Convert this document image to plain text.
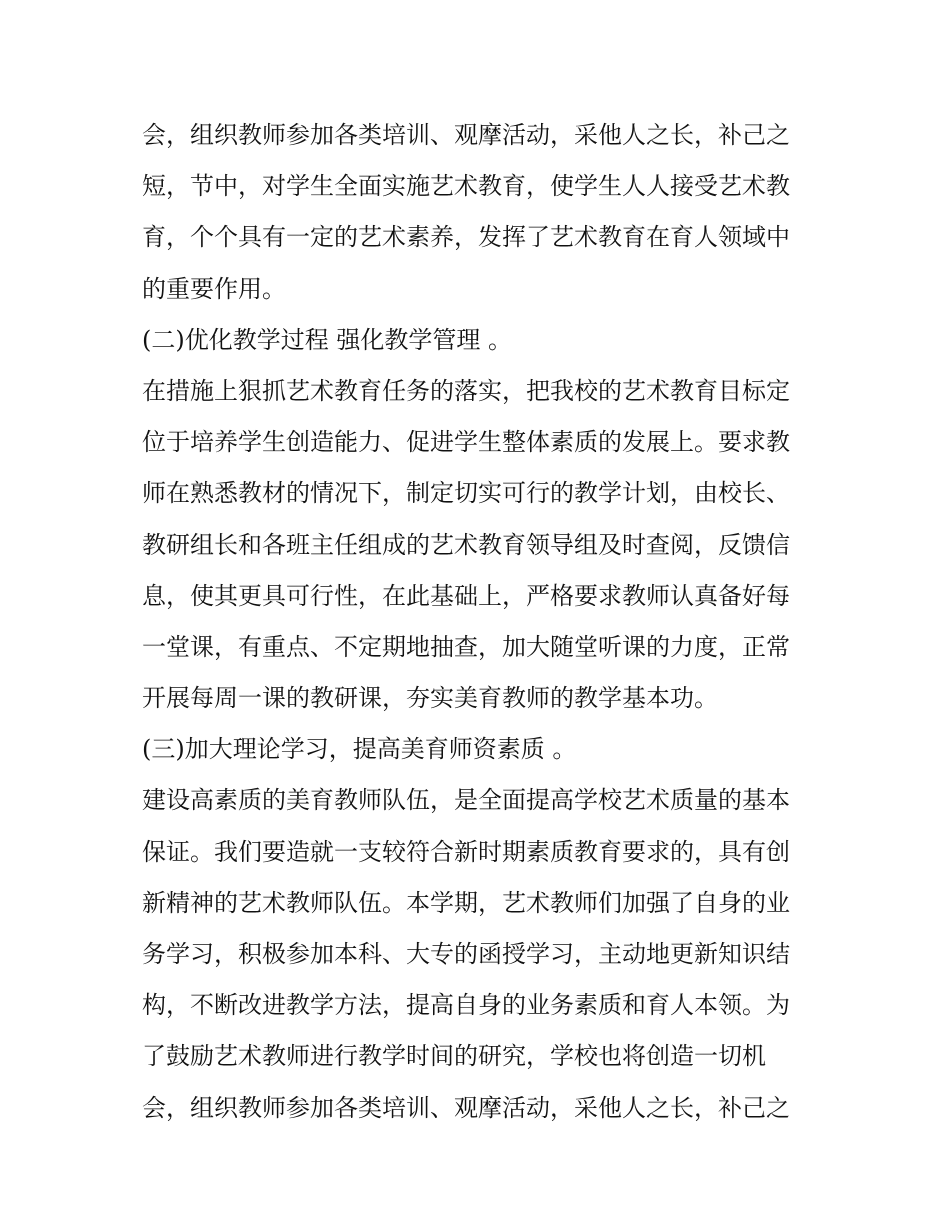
会，组织教师参加各类培训、观摩活动，采他人之长，补己之
短，节中，对学生全面实施艺术教育，使学生人人接受艺术教
育，个个具有一定的艺术素养，发挥了艺术教育在育人领域中
的重要作用。
(二)优化教学过程 强化教学管理 。
在措施上狠抓艺术教育任务的落实，把我校的艺术教育目标定
位于培养学生创造能力、促进学生整体素质的发展上。要求教
师在熟悉教材的情况下，制定切实可行的教学计划，由校长、
教研组长和各班主任组成的艺术教育领导组及时查阅，反馈信
息，使其更具可行性，在此基础上，严格要求教师认真备好每
一堂课，有重点、不定期地抽查，加大随堂听课的力度，正常
开展每周一课的教研课，夯实美育教师的教学基本功。
(三)加大理论学习，提高美育师资素质 。
建设高素质的美育教师队伍，是全面提高学校艺术质量的基本
保证。我们要造就一支较符合新时期素质教育要求的，具有创
新精神的艺术教师队伍。本学期，艺术教师们加强了自身的业
务学习，积极参加本科、大专的函授学习，主动地更新知识结
构，不断改进教学方法，提高自身的业务素质和育人本领。为
了鼓励艺术教师进行教学时间的研究，学校也将创造一切机
会，组织教师参加各类培训、观摩活动，采他人之长，补己之
